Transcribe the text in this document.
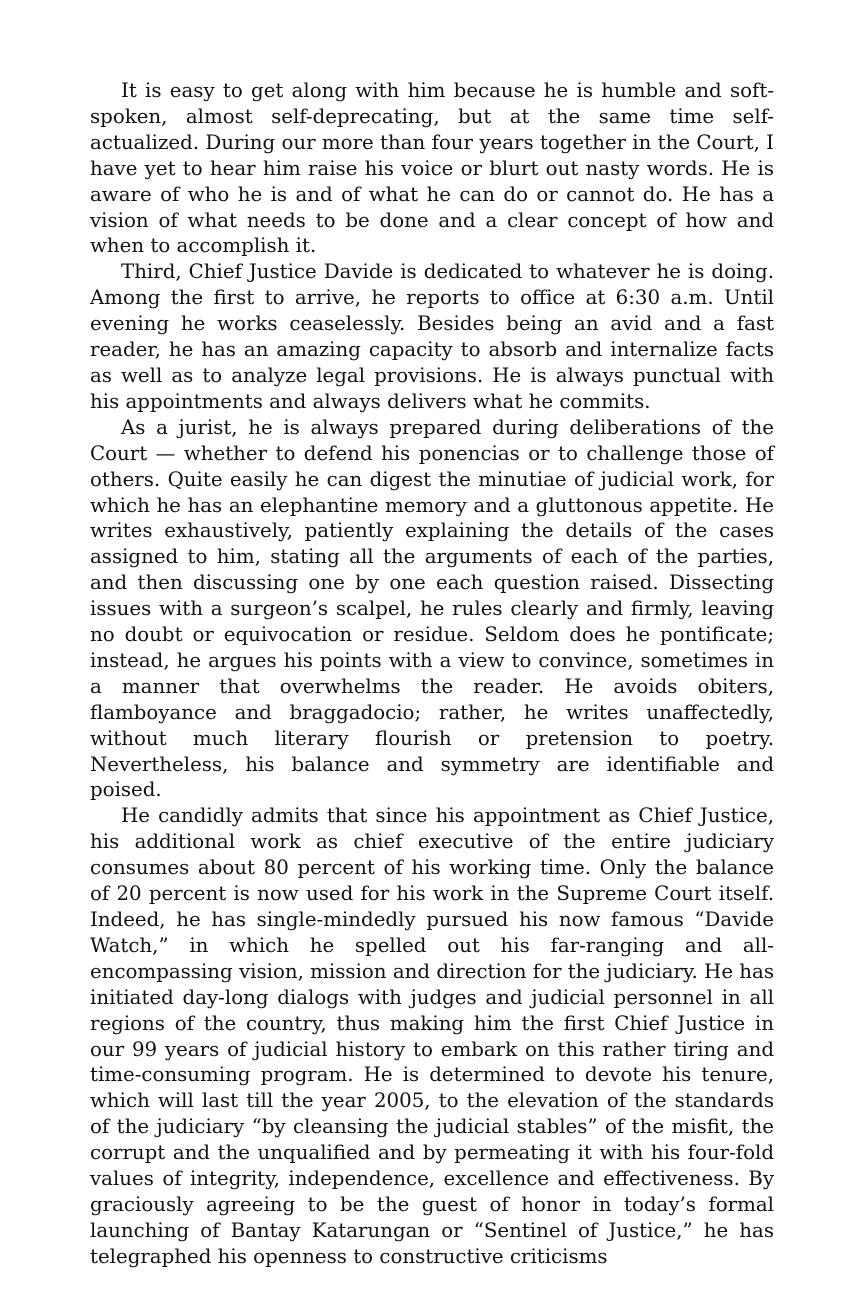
It is easy to get along with him because he is humble and soft-spoken, almost self-deprecating, but at the same time self-actualized. During our more than four years together in the Court, I have yet to hear him raise his voice or blurt out nasty words. He is aware of who he is and of what he can do or cannot do. He has a vision of what needs to be done and a clear concept of how and when to accomplish it.

Third, Chief Justice Davide is dedicated to whatever he is doing. Among the first to arrive, he reports to office at 6:30 a.m. Until evening he works ceaselessly. Besides being an avid and a fast reader, he has an amazing capacity to absorb and internalize facts as well as to analyze legal provisions. He is always punctual with his appointments and always delivers what he commits.

As a jurist, he is always prepared during deliberations of the Court — whether to defend his ponencias or to challenge those of others. Quite easily he can digest the minutiae of judicial work, for which he has an elephantine memory and a gluttonous appetite. He writes exhaustively, patiently explaining the details of the cases assigned to him, stating all the arguments of each of the parties, and then discussing one by one each question raised. Dissecting issues with a surgeon’s scalpel, he rules clearly and firmly, leaving no doubt or equivocation or residue. Seldom does he pontificate; instead, he argues his points with a view to convince, sometimes in a manner that overwhelms the reader. He avoids obiters, flamboyance and braggadocio; rather, he writes unaffectedly, without much literary flourish or pretension to poetry. Nevertheless, his balance and symmetry are identifiable and poised.

He candidly admits that since his appointment as Chief Justice, his additional work as chief executive of the entire judiciary consumes about 80 percent of his working time. Only the balance of 20 percent is now used for his work in the Supreme Court itself. Indeed, he has single-mindedly pursued his now famous “Davide Watch,” in which he spelled out his far-ranging and all-encompassing vision, mission and direction for the judiciary. He has initiated day-long dialogs with judges and judicial personnel in all regions of the country, thus making him the first Chief Justice in our 99 years of judicial history to embark on this rather tiring and time-consuming program. He is determined to devote his tenure, which will last till the year 2005, to the elevation of the standards of the judiciary “by cleansing the judicial stables” of the misfit, the corrupt and the unqualified and by permeating it with his four-fold values of integrity, independence, excellence and effectiveness. By graciously agreeing to be the guest of honor in today’s formal launching of Bantay Katarungan or “Sentinel of Justice,” he has telegraphed his openness to constructive criticisms
